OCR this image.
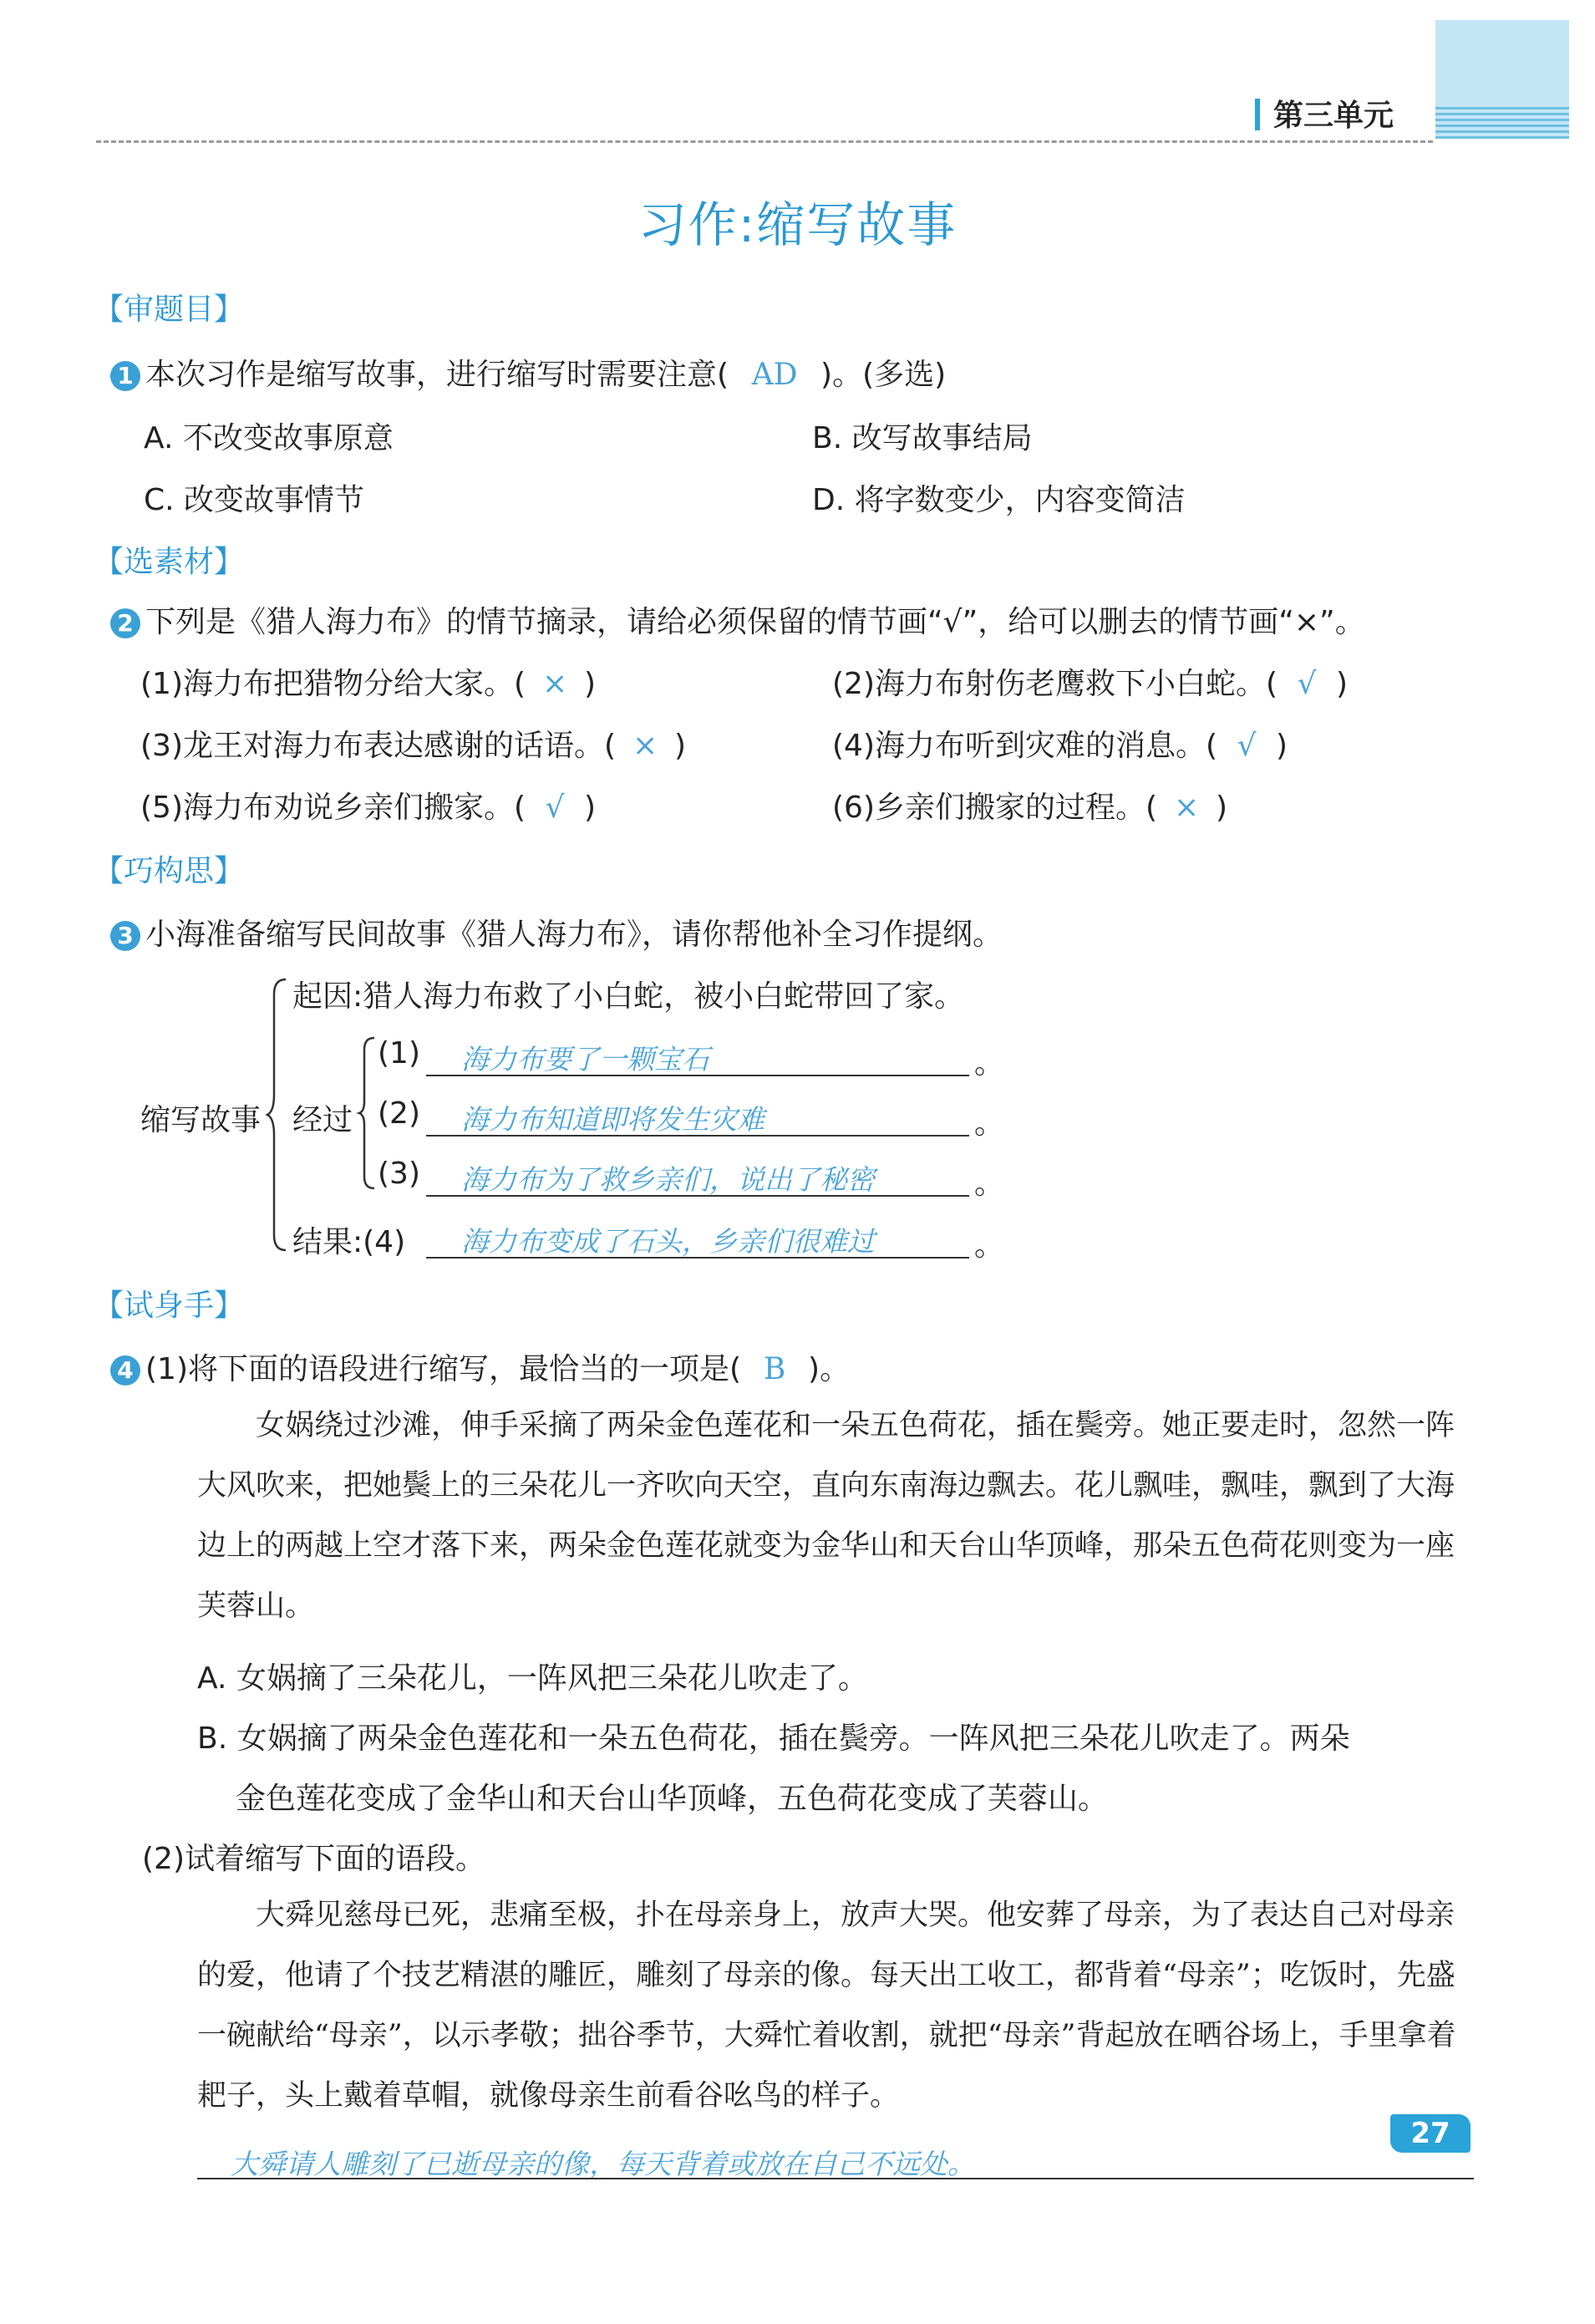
第三单元
习作:缩写故事
【审题目】
1 本次习作是缩写故事，进行缩写时需要注意( AD )。(多选)
A. 不改变故事原意	B. 改写故事结局
C. 改变故事情节	D. 将字数变少，内容变简洁
【选素材】
2 下列是《猎人海力布》的情节摘录，请给必须保留的情节画“√”，给可以删去的情节画“×”。
(1)海力布把猎物分给大家。( × )	(2)海力布射伤老鹰救下小白蛇。( √ )
(3)龙王对海力布表达感谢的话语。( × )	(4)海力布听到灾难的消息。( √ )
(5)海力布劝说乡亲们搬家。( √ )	(6)乡亲们搬家的过程。( × )
【巧构思】
3 小海准备缩写民间故事《猎人海力布》，请你帮他补全习作提纲。
缩写故事
起因:猎人海力布救了小白蛇，被小白蛇带回了家。
经过
(1) 海力布要了一颗宝石	。
(2) 海力布知道即将发生灾难	。
(3) 海力布为了救乡亲们，说出了秘密	。
结果:(4) 海力布变成了石头，乡亲们很难过	。
【试身手】
4 (1)将下面的语段进行缩写，最恰当的一项是( B )。
女娲绕过沙滩，伸手采摘了两朵金色莲花和一朵五色荷花，插在鬓旁。她正要走时，忽然一阵大风吹来，把她鬓上的三朵花儿一齐吹向天空，直向东南海边飘去。花儿飘哇，飘哇，飘到了大海边上的两越上空才落下来，两朵金色莲花就变为金华山和天台山华顶峰，那朵五色荷花则变为一座芙蓉山。
A. 女娲摘了三朵花儿，一阵风把三朵花儿吹走了。
B. 女娲摘了两朵金色莲花和一朵五色荷花，插在鬓旁。一阵风把三朵花儿吹走了。两朵
金色莲花变成了金华山和天台山华顶峰，五色荷花变成了芙蓉山。
(2)试着缩写下面的语段。
大舜见慈母已死，悲痛至极，扑在母亲身上，放声大哭。他安葬了母亲，为了表达自己对母亲的爱，他请了个技艺精湛的雕匠，雕刻了母亲的像。每天出工收工，都背着“母亲”；吃饭时，先盛一碗献给“母亲”，以示孝敬；拙谷季节，大舜忙着收割，就把“母亲”背起放在晒谷场上，手里拿着耙子，头上戴着草帽，就像母亲生前看谷吆鸟的样子。
大舜请人雕刻了已逝母亲的像，每天背着或放在自己不远处。
27
